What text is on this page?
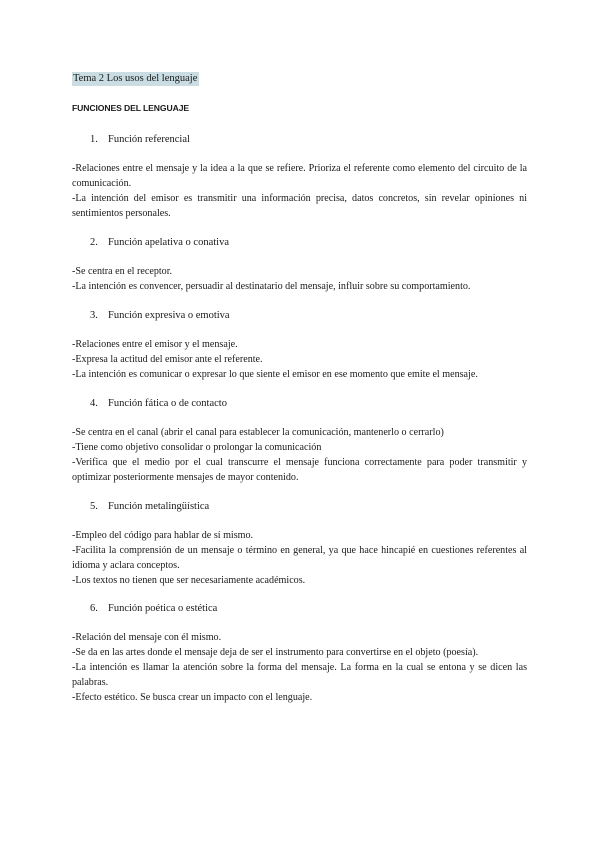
Tema 2 Los usos del lenguaje
FUNCIONES DEL LENGUAJE
1. Función referencial

-Relaciones entre el mensaje y la idea a la que se refiere. Prioriza el referente como elemento del circuito de la comunicación.

-La intención del emisor es transmitir una información precisa, datos concretos, sin revelar opiniones ni sentimientos personales.

2. Función apelativa o conativa

-Se centra en el receptor.

-La intención es convencer, persuadir al destinatario del mensaje, influir sobre su comportamiento.

3. Función expresiva o emotiva

-Relaciones entre el emisor y el mensaje.

-Expresa la actitud del emisor ante el referente.

-La intención es comunicar o expresar lo que siente el emisor en ese momento que emite el mensaje.

4. Función fática o de contacto

-Se centra en el canal (abrir el canal para establecer la comunicación, mantenerlo o cerrarlo)

-Tiene como objetivo consolidar o prolongar la comunicación

-Verifica que el medio por el cual transcurre el mensaje funciona correctamente para poder transmitir y optimizar posteriormente mensajes de mayor contenido.

5. Función metalingüística

-Empleo del código para hablar de sí mismo.

-Facilita la comprensión de un mensaje o término en general, ya que hace hincapié en cuestiones referentes al idioma y aclara conceptos.

-Los textos no tienen que ser necesariamente académicos.

6. Función poética o estética

-Relación del mensaje con él mismo.

-Se da en las artes donde el mensaje deja de ser el instrumento para convertirse en el objeto (poesía).

-La intención es llamar la atención sobre la forma del mensaje. La forma en la cual se entona y se dicen las palabras.

-Efecto estético. Se busca crear un impacto con el lenguaje.
